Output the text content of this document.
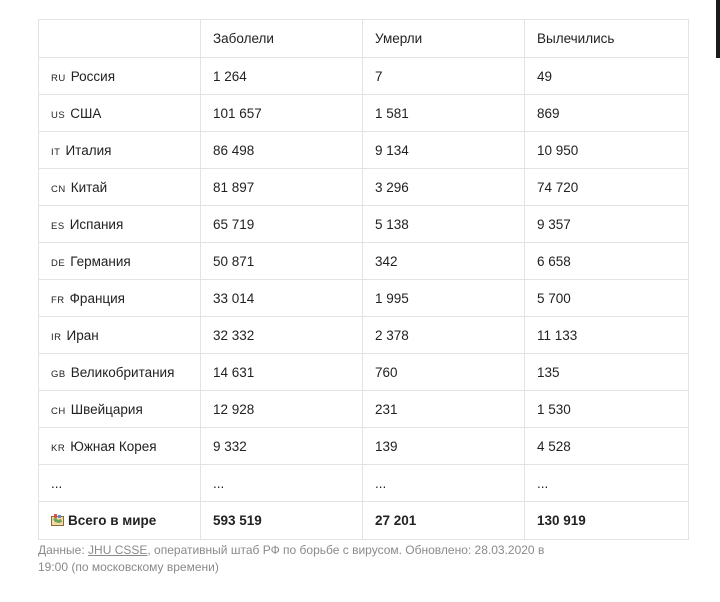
	Заболели	Умерли	Вылечились
RU Россия	1 264	7	49
US США	101 657	1 581	869
IT Италия	86 498	9 134	10 950
CN Китай	81 897	3 296	74 720
ES Испания	65 719	5 138	9 357
DE Германия	50 871	342	6 658
FR Франция	33 014	1 995	5 700
IR Иран	32 332	2 378	11 133
GB Великобритания	14 631	760	135
CH Швейцария	12 928	231	1 530
KR Южная Корея	9 332	139	4 528
...	...	...	...
Всего в мире	593 519	27 201	130 919
Данные: JHU CSSE, оперативный штаб РФ по борьбе с вирусом. Обновлено: 28.03.2020 в 19:00 (по московскому времени)
